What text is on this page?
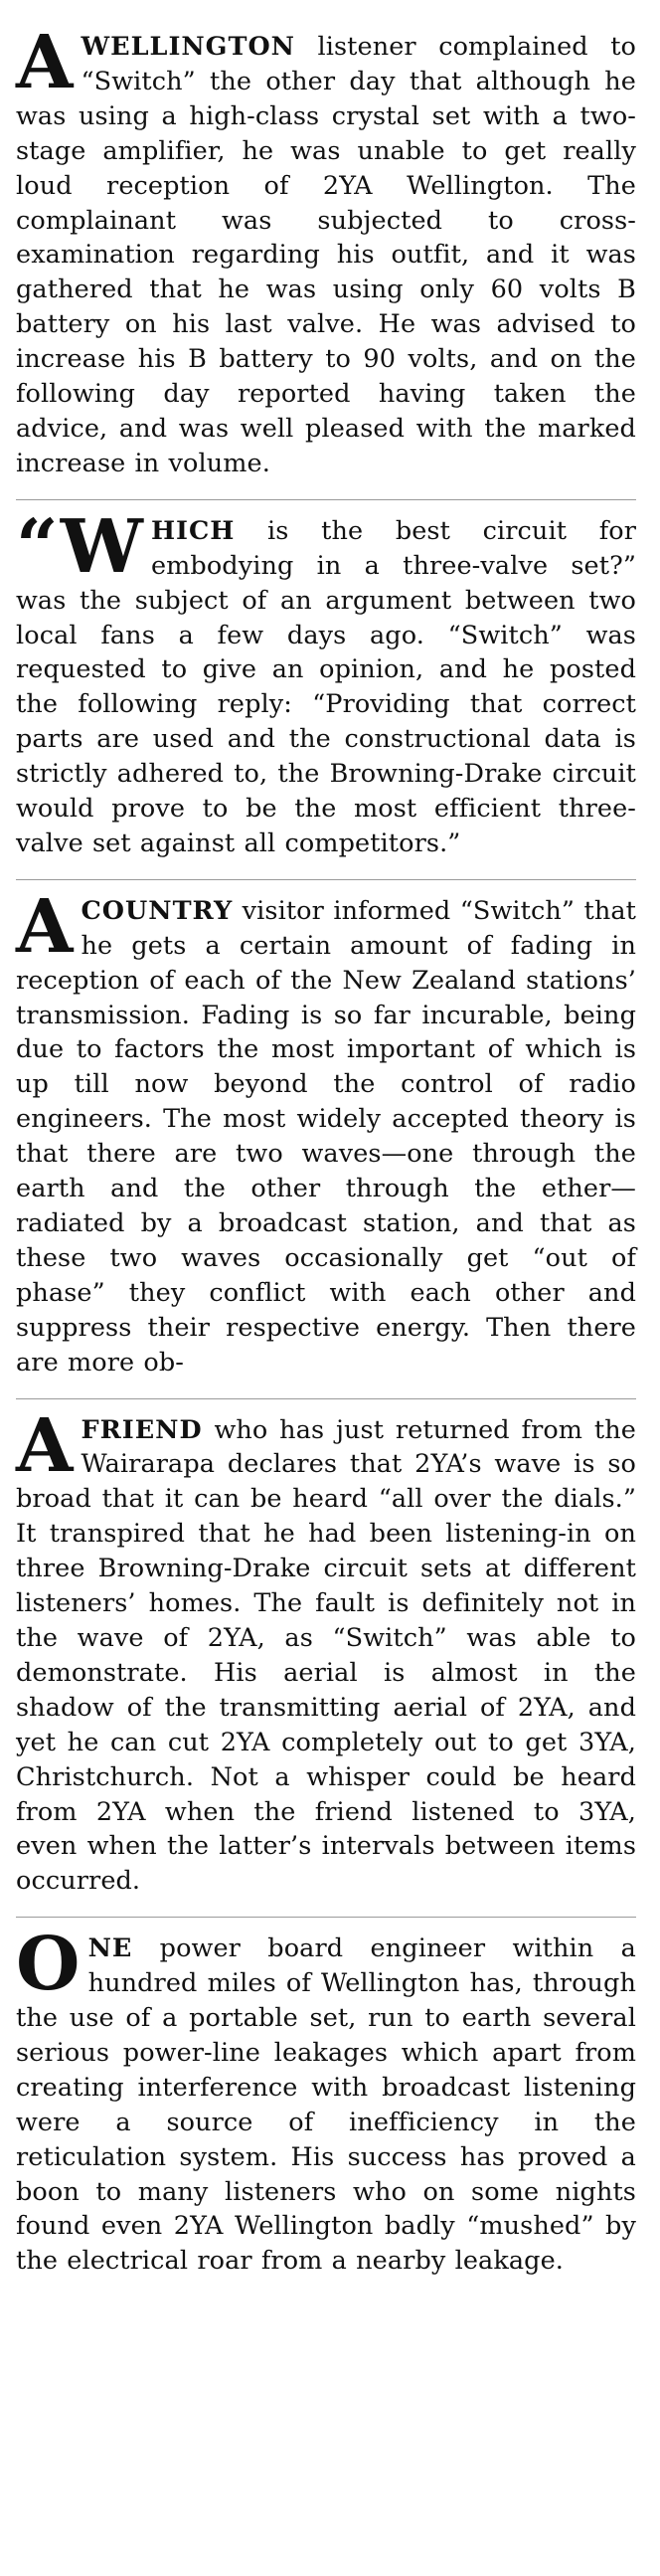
AWELLINGTON listener complained to “Switch” the other day that although he was using a high-class crystal set with a two-stage amplifier, he was unable to get really loud reception of 2YA Wellington. The complainant was subjected to cross-examination regarding his outfit, and it was gathered that he was using only 60 volts B battery on his last valve. He was advised to increase his B battery to 90 volts, and on the following day reported having taken the advice, and was well pleased with the marked increase in volume.

“WHICH is the best circuit for embodying in a three-valve set?” was the subject of an argument between two local fans a few days ago. “Switch” was requested to give an opinion, and he posted the following reply: “Providing that correct parts are used and the constructional data is strictly adhered to, the Browning-Drake circuit would prove to be the most efficient three-valve set against all competitors.”

ACOUNTRY visitor informed “Switch” that he gets a certain amount of fading in reception of each of the New Zealand stations’ transmission. Fading is so far incurable, being due to factors the most important of which is up till now beyond the control of radio engineers. The most widely accepted theory is that there are two waves—one through the earth and the other through the ether—radiated by a broadcast station, and that as these two waves occasionally get “out of phase” they conflict with each other and suppress their respective energy. Then there are more ob-

AFRIEND who has just returned from the Wairarapa declares that 2YA’s wave is so broad that it can be heard “all over the dials.” It transpired that he had been listening-in on three Browning-Drake circuit sets at different listeners’ homes. The fault is definitely not in the wave of 2YA, as “Switch” was able to demonstrate. His aerial is almost in the shadow of the transmitting aerial of 2YA, and yet he can cut 2YA completely out to get 3YA, Christchurch. Not a whisper could be heard from 2YA when the friend listened to 3YA, even when the latter’s intervals between items occurred.

ONE power board engineer within a hundred miles of Wellington has, through the use of a portable set, run to earth several serious power-line leakages which apart from creating interference with broadcast listening were a source of inefficiency in the reticulation system. His success has proved a boon to many listeners who on some nights found even 2YA Wellington badly “mushed” by the electrical roar from a nearby leakage.
